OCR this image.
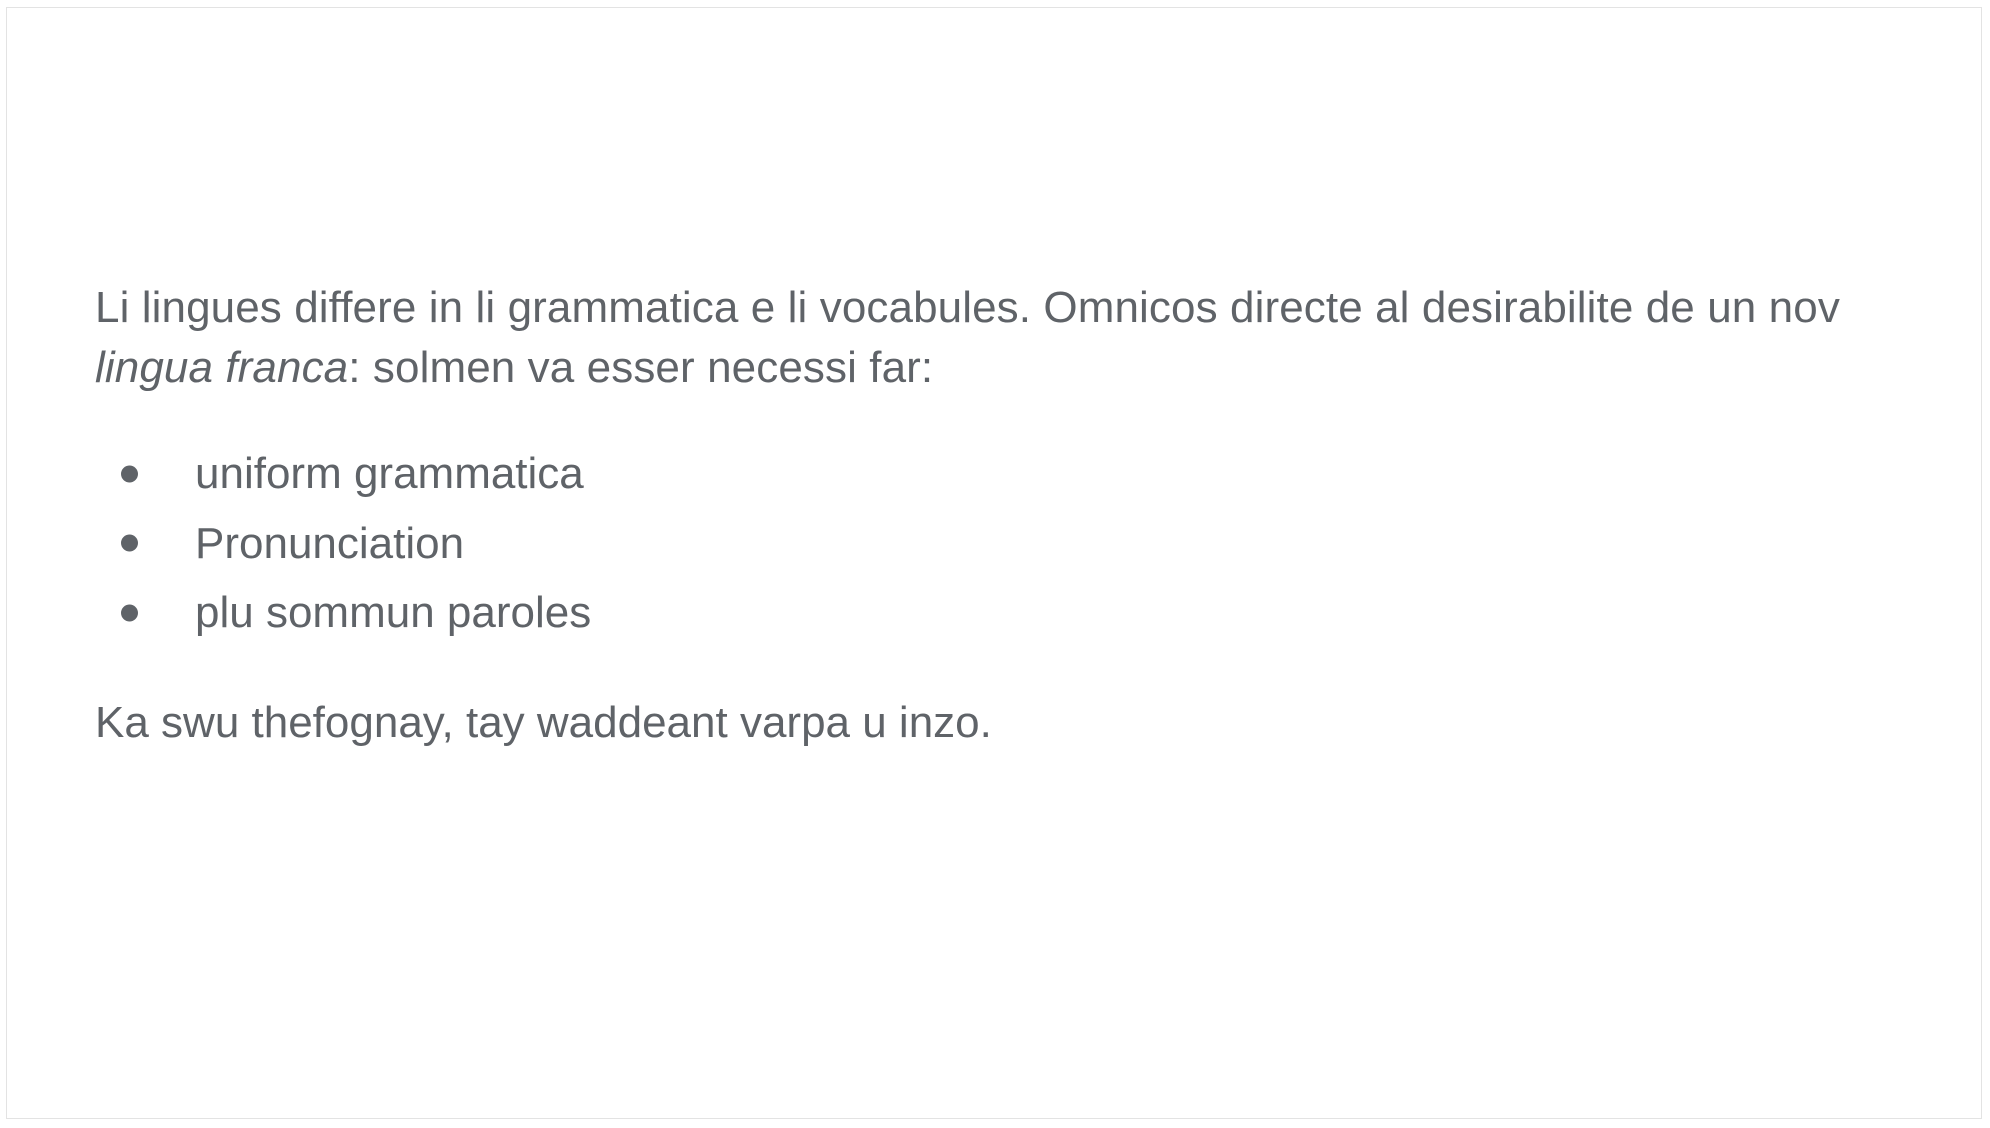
Li lingues differe in li grammatica e li vocabules. Omnicos directe al desirabilite de un nov lingua franca: solmen va esser necessi far:

uniform grammatica
Pronunciation
plu sommun paroles

Ka swu thefognay, tay waddeant varpa u inzo.
